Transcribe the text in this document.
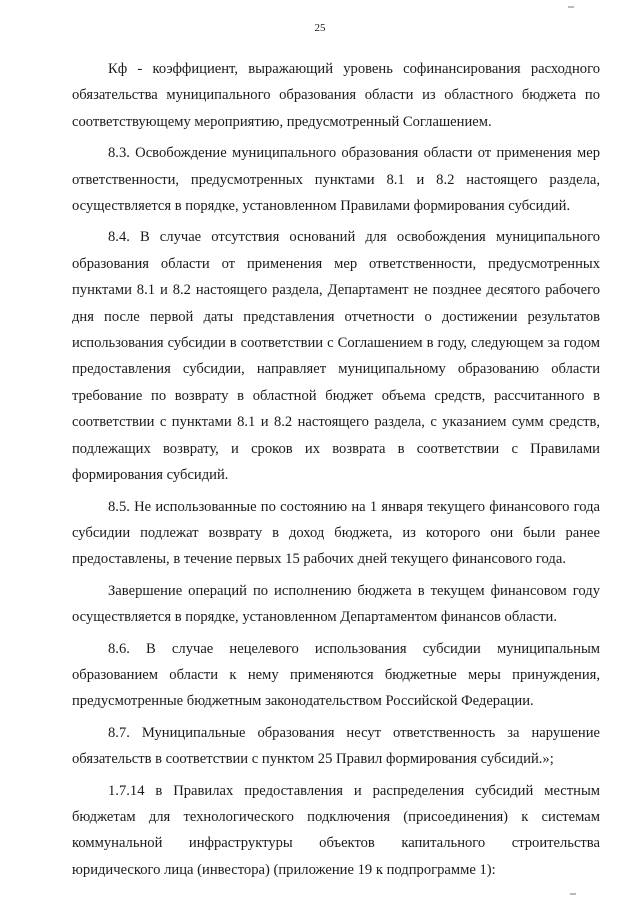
25

Кф - коэффициент, выражающий уровень софинансирования расходного обязательства муниципального образования области из областного бюджета по соответствующему мероприятию, предусмотренный Соглашением.

8.3. Освобождение муниципального образования области от применения мер ответственности, предусмотренных пунктами 8.1 и 8.2 настоящего раздела, осуществляется в порядке, установленном Правилами формирования субсидий.

8.4. В случае отсутствия оснований для освобождения муниципального образования области от применения мер ответственности, предусмотренных пунктами 8.1 и 8.2 настоящего раздела, Департамент не позднее десятого рабочего дня после первой даты представления отчетности о достижении результатов использования субсидии в соответствии с Соглашением в году, следующем за годом предоставления субсидии, направляет муниципальному образованию области требование по возврату в областной бюджет объема средств, рассчитанного в соответствии с пунктами 8.1 и 8.2 настоящего раздела, с указанием сумм средств, подлежащих возврату, и сроков их возврата в соответствии с Правилами формирования субсидий.

8.5. Не использованные по состоянию на 1 января текущего финансового года субсидии подлежат возврату в доход бюджета, из которого они были ранее предоставлены, в течение первых 15 рабочих дней текущего финансового года.

Завершение операций по исполнению бюджета в текущем финансовом году осуществляется в порядке, установленном Департаментом финансов области.

8.6. В случае нецелевого использования субсидии муниципальным образованием области к нему применяются бюджетные меры принуждения, предусмотренные бюджетным законодательством Российской Федерации.

8.7. Муниципальные образования несут ответственность за нарушение обязательств в соответствии с пунктом 25 Правил формирования субсидий.»;

1.7.14 в Правилах предоставления и распределения субсидий местным бюджетам для технологического подключения (присоединения) к системам коммунальной инфраструктуры объектов капитального строительства юридического лица (инвестора) (приложение 19 к подпрограмме 1):
